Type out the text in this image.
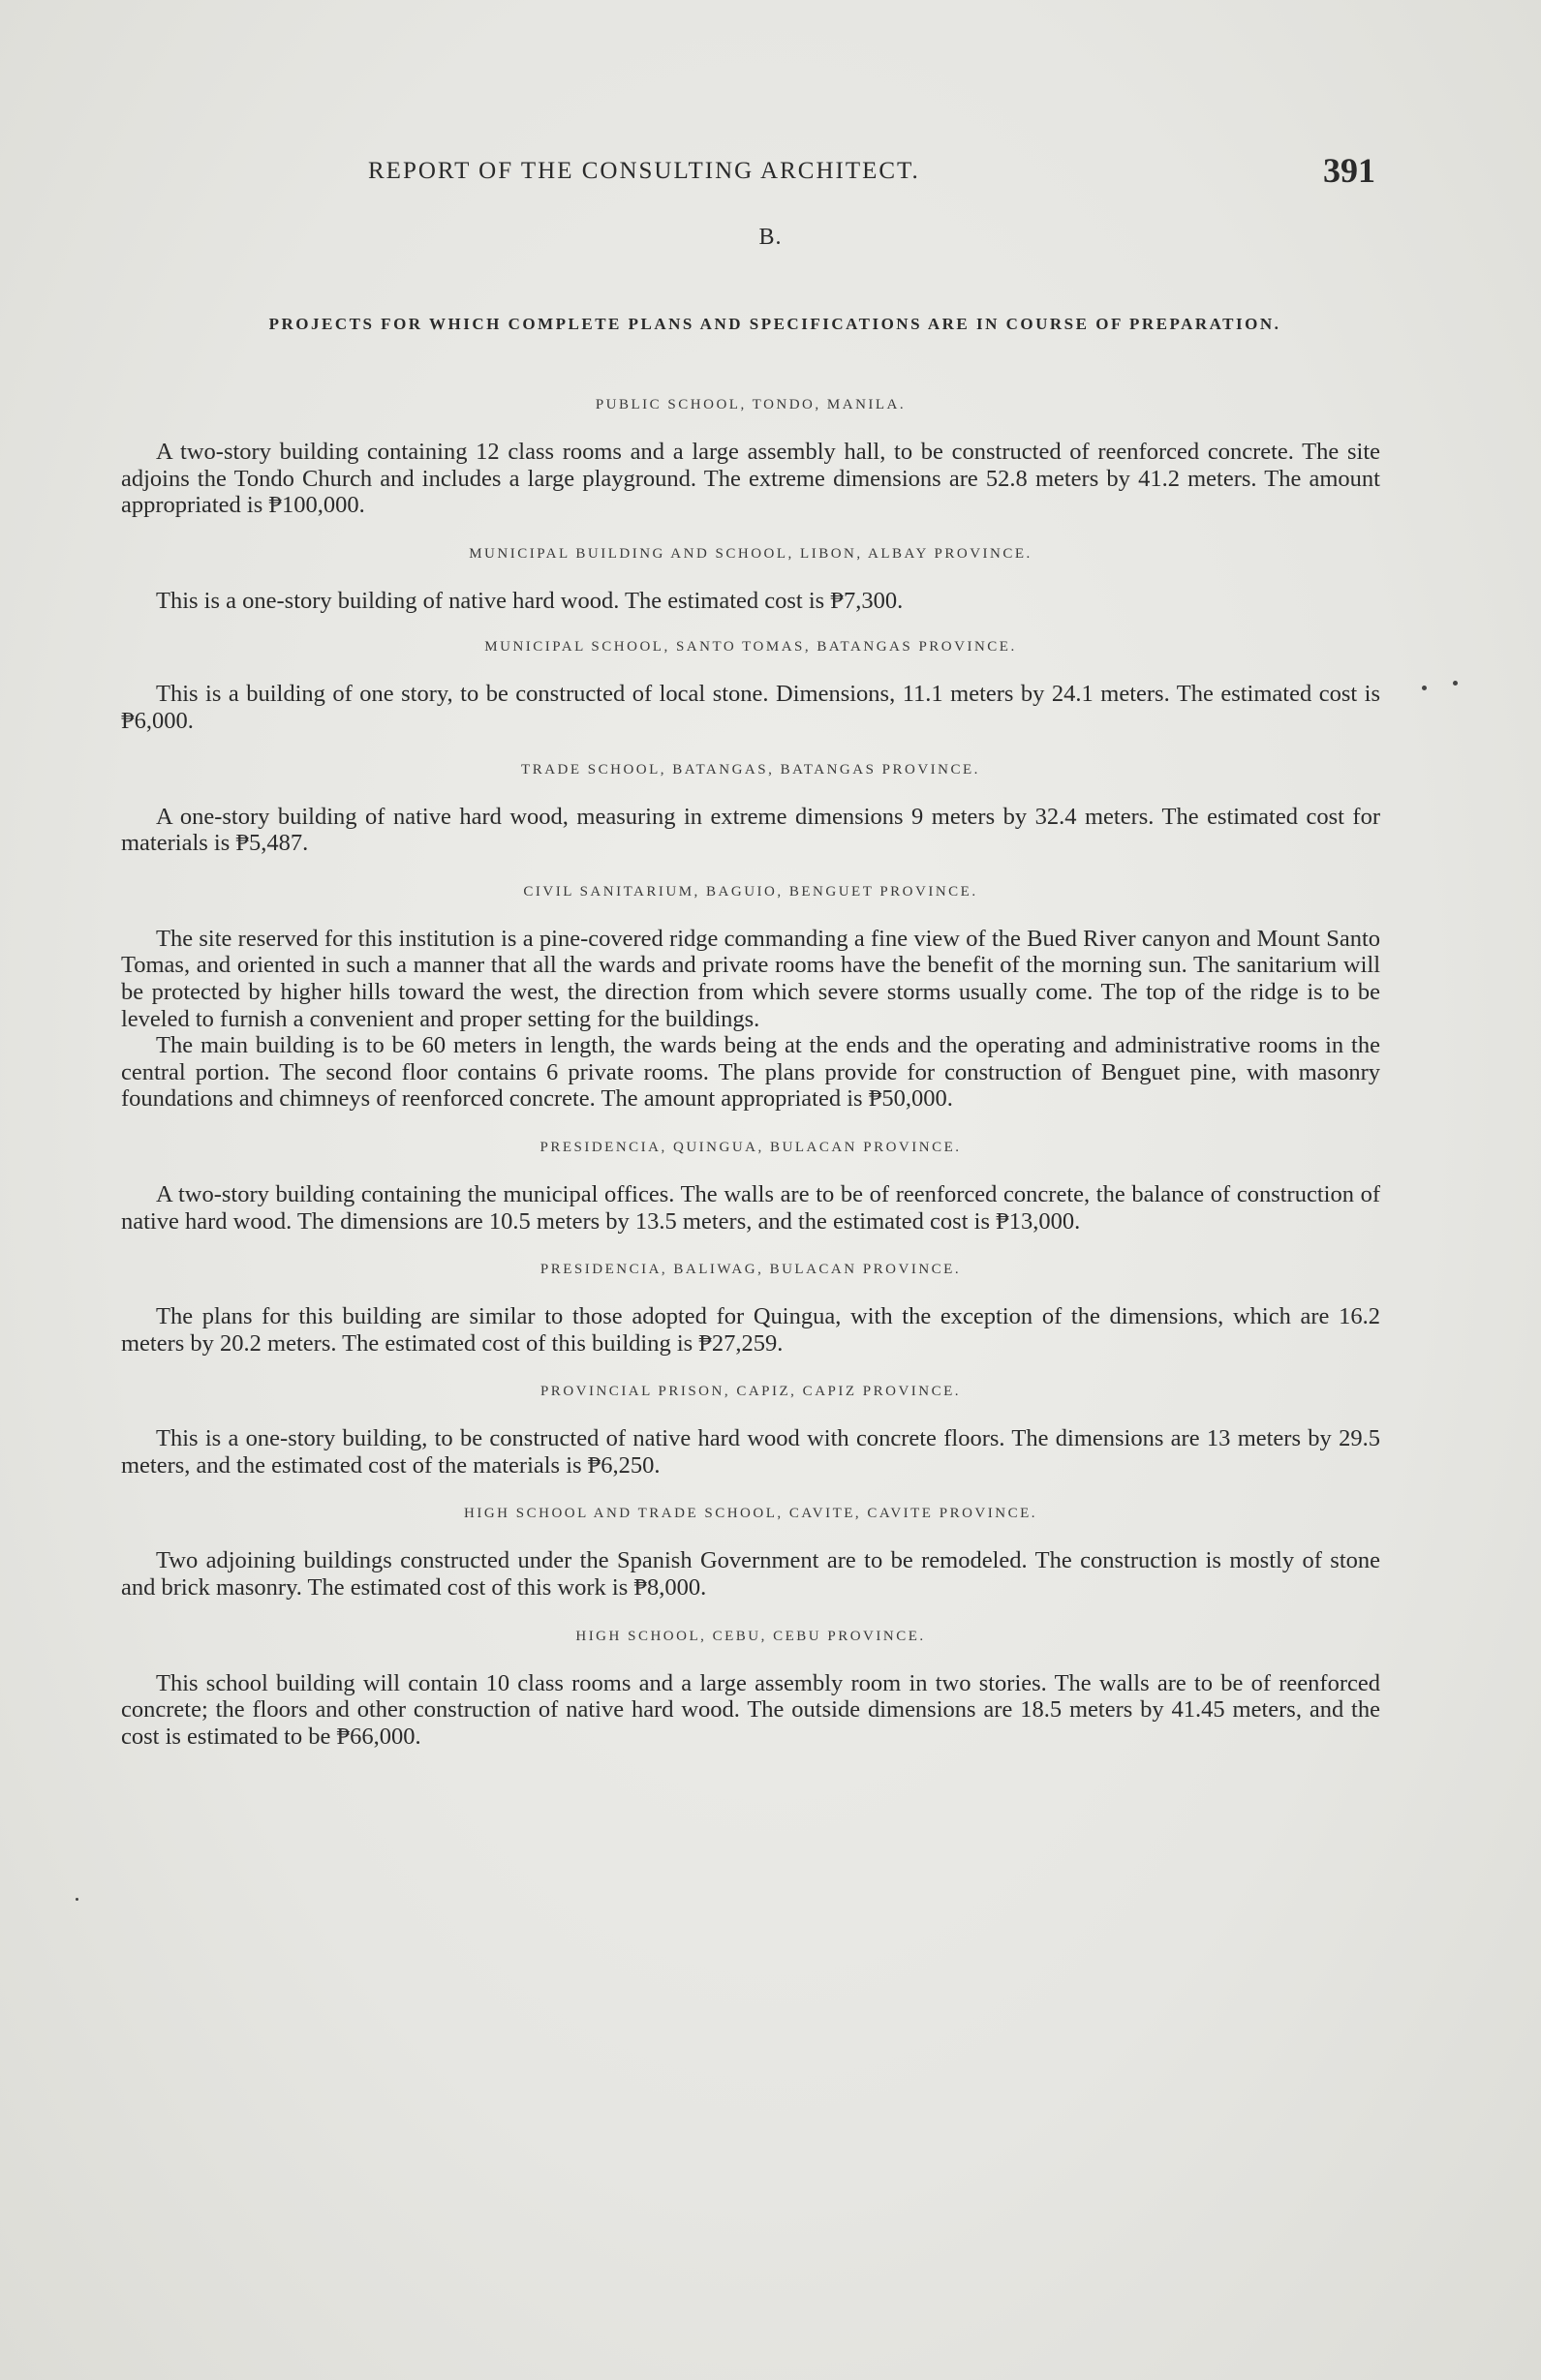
REPORT OF THE CONSULTING ARCHITECT.	391
B.
PROJECTS FOR WHICH COMPLETE PLANS AND SPECIFICATIONS ARE IN COURSE OF PREPARATION.
PUBLIC SCHOOL, TONDO, MANILA.

A two-story building containing 12 class rooms and a large assembly hall, to be constructed of reenforced concrete. The site adjoins the Tondo Church and includes a large playground. The extreme dimensions are 52.8 meters by 41.2 meters. The amount appropriated is ₱100,000.

MUNICIPAL BUILDING AND SCHOOL, LIBON, ALBAY PROVINCE.

This is a one-story building of native hard wood. The estimated cost is ₱7,300.

MUNICIPAL SCHOOL, SANTO TOMAS, BATANGAS PROVINCE.

This is a building of one story, to be constructed of local stone. Dimensions, 11.1 meters by 24.1 meters. The estimated cost is ₱6,000.

TRADE SCHOOL, BATANGAS, BATANGAS PROVINCE.

A one-story building of native hard wood, measuring in extreme dimensions 9 meters by 32.4 meters. The estimated cost for materials is ₱5,487.

CIVIL SANITARIUM, BAGUIO, BENGUET PROVINCE.

The site reserved for this institution is a pine-covered ridge commanding a fine view of the Bued River canyon and Mount Santo Tomas, and oriented in such a manner that all the wards and private rooms have the benefit of the morning sun. The sanitarium will be protected by higher hills toward the west, the direction from which severe storms usually come. The top of the ridge is to be leveled to furnish a convenient and proper setting for the buildings.

The main building is to be 60 meters in length, the wards being at the ends and the operating and administrative rooms in the central portion. The second floor contains 6 private rooms. The plans provide for construction of Benguet pine, with masonry foundations and chimneys of reenforced concrete. The amount appropriated is ₱50,000.

PRESIDENCIA, QUINGUA, BULACAN PROVINCE.

A two-story building containing the municipal offices. The walls are to be of reenforced concrete, the balance of construction of native hard wood. The dimensions are 10.5 meters by 13.5 meters, and the estimated cost is ₱13,000.

PRESIDENCIA, BALIWAG, BULACAN PROVINCE.

The plans for this building are similar to those adopted for Quingua, with the exception of the dimensions, which are 16.2 meters by 20.2 meters. The estimated cost of this building is ₱27,259.

PROVINCIAL PRISON, CAPIZ, CAPIZ PROVINCE.

This is a one-story building, to be constructed of native hard wood with concrete floors. The dimensions are 13 meters by 29.5 meters, and the estimated cost of the materials is ₱6,250.

HIGH SCHOOL AND TRADE SCHOOL, CAVITE, CAVITE PROVINCE.

Two adjoining buildings constructed under the Spanish Government are to be remodeled. The construction is mostly of stone and brick masonry. The estimated cost of this work is ₱8,000.

HIGH SCHOOL, CEBU, CEBU PROVINCE.

This school building will contain 10 class rooms and a large assembly room in two stories. The walls are to be of reenforced concrete; the floors and other construction of native hard wood. The outside dimensions are 18.5 meters by 41.45 meters, and the cost is estimated to be ₱66,000.
